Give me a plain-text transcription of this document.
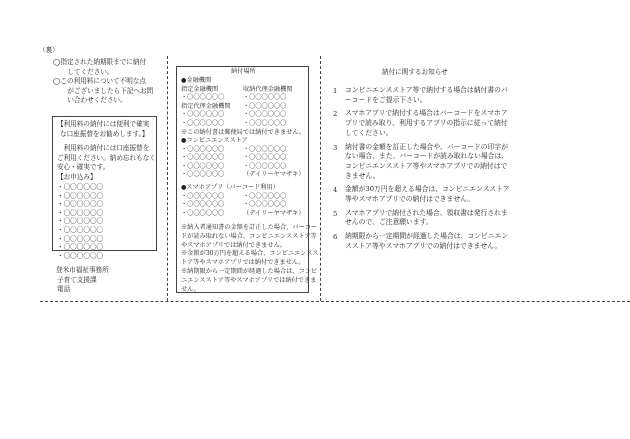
（裏）
◯ 指定された納期限までに納付
してください。
◯ この利用料について不明な点
がございましたら下記へお問
い合わせください。
【利用料の納付には便利で確実
な口座振替をお勧めします。】
　利用料の納付には口座振替を
ご利用ください。納め忘れもなく
安心・確実です。
【お申込み】
・〇〇〇〇〇〇
・〇〇〇〇〇〇
・〇〇〇〇〇〇
・〇〇〇〇〇〇
・〇〇〇〇〇〇
・〇〇〇〇〇〇
・〇〇〇〇〇〇
・〇〇〇〇〇〇
・〇〇〇〇〇〇
登米市福祉事務所
子育て支援課
電話
納付場所
●金融機関
指定金融機関
・〇〇〇〇〇〇
指定代理金融機関
・〇〇〇〇〇〇
・〇〇〇〇〇〇
収納代理金融機関
・〇〇〇〇〇〇
・〇〇〇〇〇〇
・〇〇〇〇〇〇
・〇〇〇〇〇〇
※この納付書は郵便局では納付できません。
●コンビニエンスストア
・〇〇〇〇〇〇
・〇〇〇〇〇〇
・〇〇〇〇〇〇
・〇〇〇〇〇〇
・〇〇〇〇〇〇
・〇〇〇〇〇〇
・〇〇〇〇〇〇
（デイリーヤマザキ）
●スマホアプリ（バーコード利用）
・〇〇〇〇〇〇
・〇〇〇〇〇〇
・〇〇〇〇〇〇
・〇〇〇〇〇〇
・〇〇〇〇〇〇
（デイリーヤマザキ）
※納入者通知書の金額を訂正した場合、バーコー
ドが読み取れない場合、コンビニエンスストア等
やスマホアプリでは納付できません。
※金額が30万円を超える場合、コンビニエンスス
トア等やスマホアプリでは納付できません。
※納期限から一定期間が経過した場合は、コンビ
ニエンスストア等やスマホアプリでは納付できま
せん。
納付に関するお知らせ
1	コンビニエンスストア等で納付する場合は納付書のバーコードをご提示下さい。
2	スマホアプリで納付する場合はバーコードをスマホアプリで読み取り、利用するアプリの指示に従って納付してください。
3	納付書の金額を訂正した場合や、バーコードの印字がない場合、また、バーコードが読み取れない場合は、コンビニエンスストア等やスマホアプリでの納付はできません。
4	金額が30万円を超える場合は、コンビニエンスストア等やスマホアプリでの納付はできません。
5	スマホアプリで納付された場合、領収書は発行されませんので、ご注意願います。
6	納期限から一定期間が経過した場合は、コンビニエンスストア等やスマホアプリでの納付はできません。
